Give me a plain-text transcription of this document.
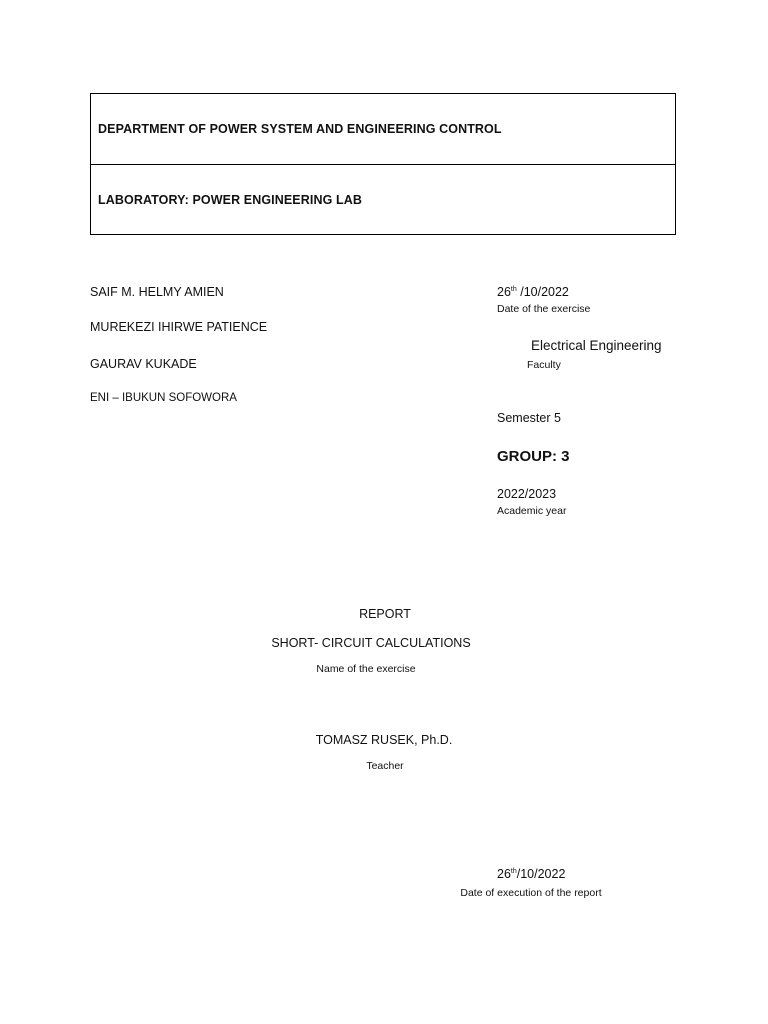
DEPARTMENT OF POWER SYSTEM AND ENGINEERING CONTROL
LABORATORY: POWER ENGINEERING LAB
SAIF M. HELMY AMIEN
MUREKEZI IHIRWE PATIENCE
GAURAV KUKADE
ENI – IBUKUN SOFOWORA
26th /10/2022
Date of the exercise
Electrical Engineering
Faculty
Semester 5
GROUP: 3
2022/2023
Academic year
REPORT
SHORT- CIRCUIT CALCULATIONS
Name of the exercise
TOMASZ RUSEK, Ph.D.
Teacher
26th/10/2022
Date of execution of the report
